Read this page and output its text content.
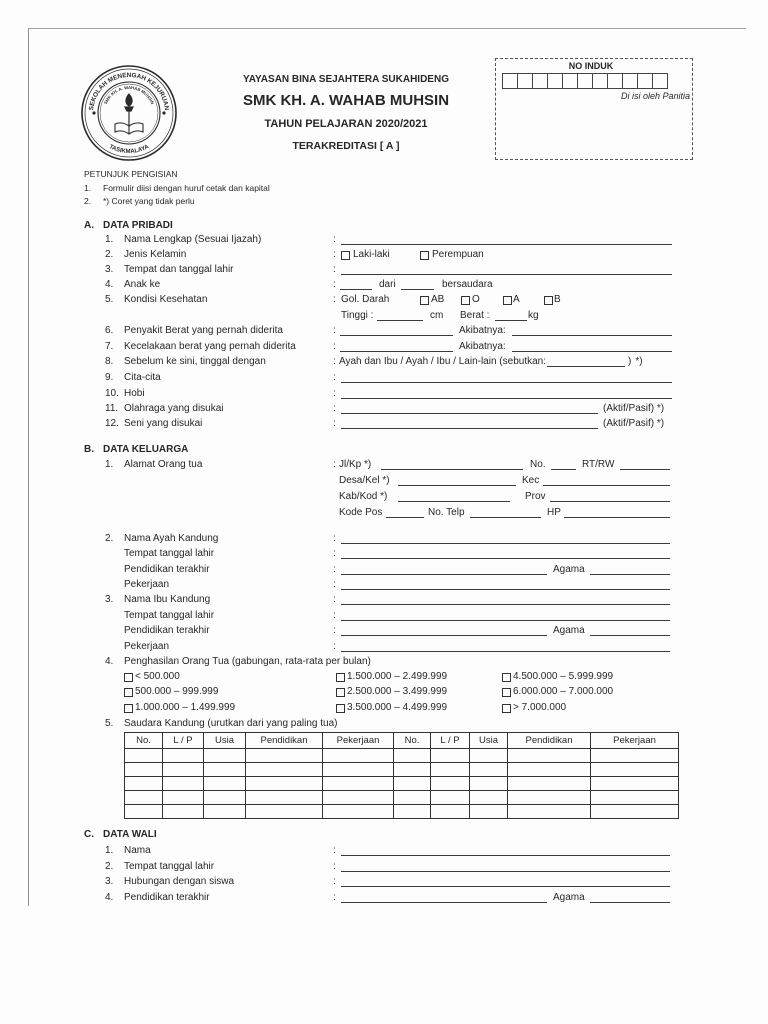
SEKOLAH MENENGAH KEJURUAN
TASIKMALAYA
SMK KH. A. WAHAB MUHSIN
YAYASAN BINA SEJAHTERA SUKAHIDENG
SMK KH. A. WAHAB MUHSIN
TAHUN PELAJARAN 2020/2021
TERAKREDITASI [ A ]
NO INDUK
Di isi oleh Panitia
PETUNJUK PENGISIAN
1. Formulir diisi dengan huruf cetak dan kapital
2. *) Coret yang tidak perlu
A. DATA PRIBADI
1. Nama Lengkap (Sesuai Ijazah)	:
2. Jenis Kelamin	: Laki-laki	Perempuan
3. Tempat dan tanggal lahir	:
4. Anak ke	:	dari	bersaudara
5. Kondisi Kesehatan	: Gol. Darah	AB	O	A	B
Tinggi :	cm Berat :	kg
6. Penyakit Berat yang pernah diderita	:	Akibatnya:
7. Kecelakaan berat yang pernah diderita	:	Akibatnya:
8. Sebelum ke sini, tinggal dengan	: Ayah dan Ibu / Ayah / Ibu / Lain-lain (sebutkan:	) *)
9. Cita-cita	:
10. Hobi	:
11. Olahraga yang disukai	:	(Aktif/Pasif) *)
12. Seni yang disukai	:	(Aktif/Pasif) *)
B. DATA KELUARGA
1. Alamat Orang tua	: Jl/Kp *)	No.	RT/RW
Desa/Kel *)	Kec
Kab/Kod *)	Prov
Kode Pos	No. Telp	HP
2. Nama Ayah Kandung	:
Tempat tanggal lahir	:
Pendidikan terakhir	:	Agama
Pekerjaan	:
3. Nama Ibu Kandung	:
Tempat tanggal lahir	:
Pendidikan terakhir	:	Agama
Pekerjaan	:
4. Penghasilan Orang Tua (gabungan, rata-rata per bulan)
< 500.000	1.500.000 – 2.499.999	4.500.000 – 5.999.999
500.000 – 999.999	2.500.000 – 3.499.999	6.000.000 – 7.000.000
1.000.000 – 1.499.999	3.500.000 – 4.499.999	> 7.000.000
5. Saudara Kandung (urutkan dari yang paling tua)
No.	L / P	Usia	Pendidikan	Pekerjaan	No.	L / P	Usia	Pendidikan	Pekerjaan

C. DATA WALI
1. Nama	:
2. Tempat tanggal lahir	:
3. Hubungan dengan siswa	:
4. Pendidikan terakhir	:	Agama
